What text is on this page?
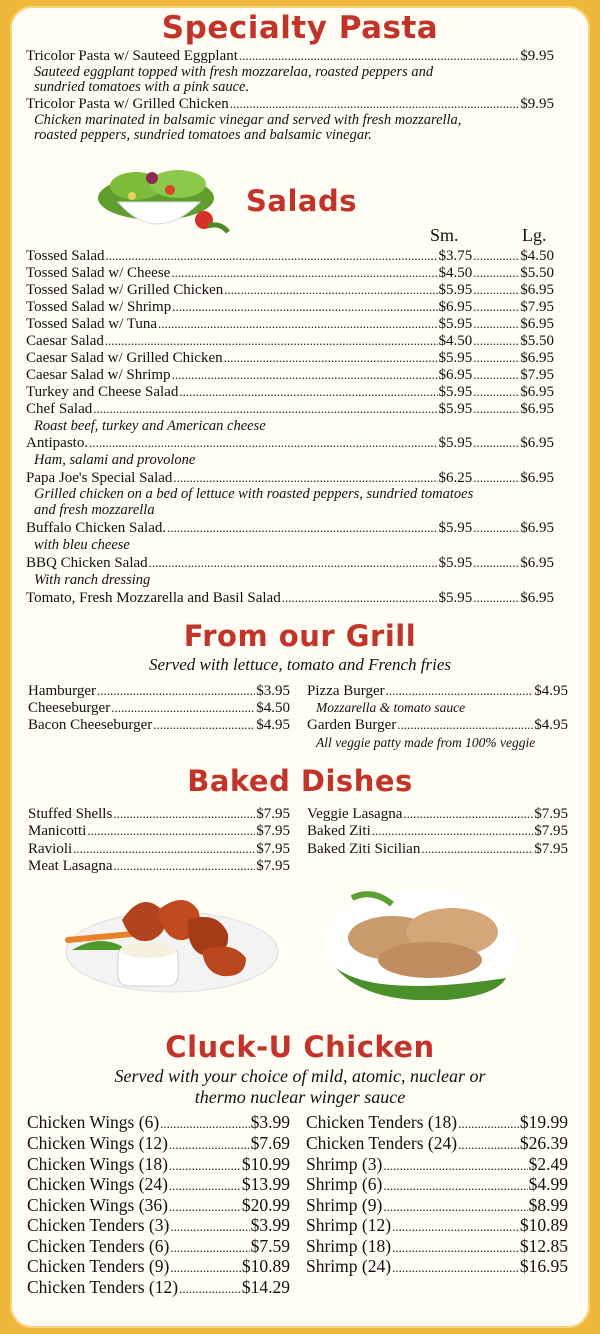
Specialty Pasta
Tricolor Pasta w/ Sauteed Eggplant .....	$9.95
Sauteed eggplant topped with fresh mozzarelaa, roasted peppers and
sundried tomatoes with a pink sauce.
Tricolor Pasta w/ Grilled Chicken .....	$9.95
Chicken marinated in balsamic vinegar and served with fresh mozzarella,
roasted peppers, sundried tomatoes and balsamic vinegar.
Salads
Sm.	Lg.
Tossed Salad .....	$3.75 .....	$4.50
Tossed Salad w/ Cheese .....	$4.50 .....	$5.50
Tossed Salad w/ Grilled Chicken .....	$5.95 .....	$6.95
Tossed Salad w/ Shrimp .....	$6.95 .....	$7.95
Tossed Salad w/ Tuna .....	$5.95 .....	$6.95
Caesar Salad .....	$4.50 .....	$5.50
Caesar Salad w/ Grilled Chicken .....	$5.95 .....	$6.95
Caesar Salad w/ Shrimp .....	$6.95 .....	$7.95
Turkey and Cheese Salad .....	$5.95 .....	$6.95
Chef Salad .....	$5.95 .....	$6.95
Antipasto. .....	$5.95 .....	$6.95
Papa Joe's Special Salad .....	$6.25 .....	$6.95
Buffalo Chicken Salad. .....	$5.95 .....	$6.95
BBQ Chicken Salad .....	$5.95 .....	$6.95
Tomato, Fresh Mozzarella and Basil Salad .....	$5.95 .....	$6.95
Roast beef, turkey and American cheese
Ham, salami and provolone
Grilled chicken on a bed of lettuce with roasted peppers, sundried tomatoes
and fresh mozzarella
with bleu cheese
With ranch dressing
From our Grill
Served with lettuce, tomato and French fries
Hamburger .....	$3.95
Cheeseburger .....	$4.50
Bacon Cheeseburger .....	$4.95
Pizza Burger .....	$4.95
Garden Burger .....	$4.95
Mozzarella & tomato sauce
All veggie patty made from 100% veggie
Baked Dishes
Stuffed Shells .....	$7.95
Manicotti .....	$7.95
Ravioli .....	$7.95
Meat Lasagna .....	$7.95
Veggie Lasagna .....	$7.95
Baked Ziti .....	$7.95
Baked Ziti Sicilian .....	$7.95
Cluck-U Chicken
Served with your choice of mild, atomic, nuclear or
thermo nuclear winger sauce
Chicken Wings (6) .....	$3.99
Chicken Wings (12) .....	$7.69
Chicken Wings (18) .....	$10.99
Chicken Wings (24) .....	$13.99
Chicken Wings (36) .....	$20.99
Chicken Tenders (3) .....	$3.99
Chicken Tenders (6) .....	$7.59
Chicken Tenders (9) .....	$10.89
Chicken Tenders (12) .....	$14.29
Chicken Tenders (18) .....	$19.99
Chicken Tenders (24) .....	$26.39
Shrimp (3) .....	$2.49
Shrimp (6) .....	$4.99
Shrimp (9) .....	$8.99
Shrimp (12) .....	$10.89
Shrimp (18) .....	$12.85
Shrimp (24) .....	$16.95
